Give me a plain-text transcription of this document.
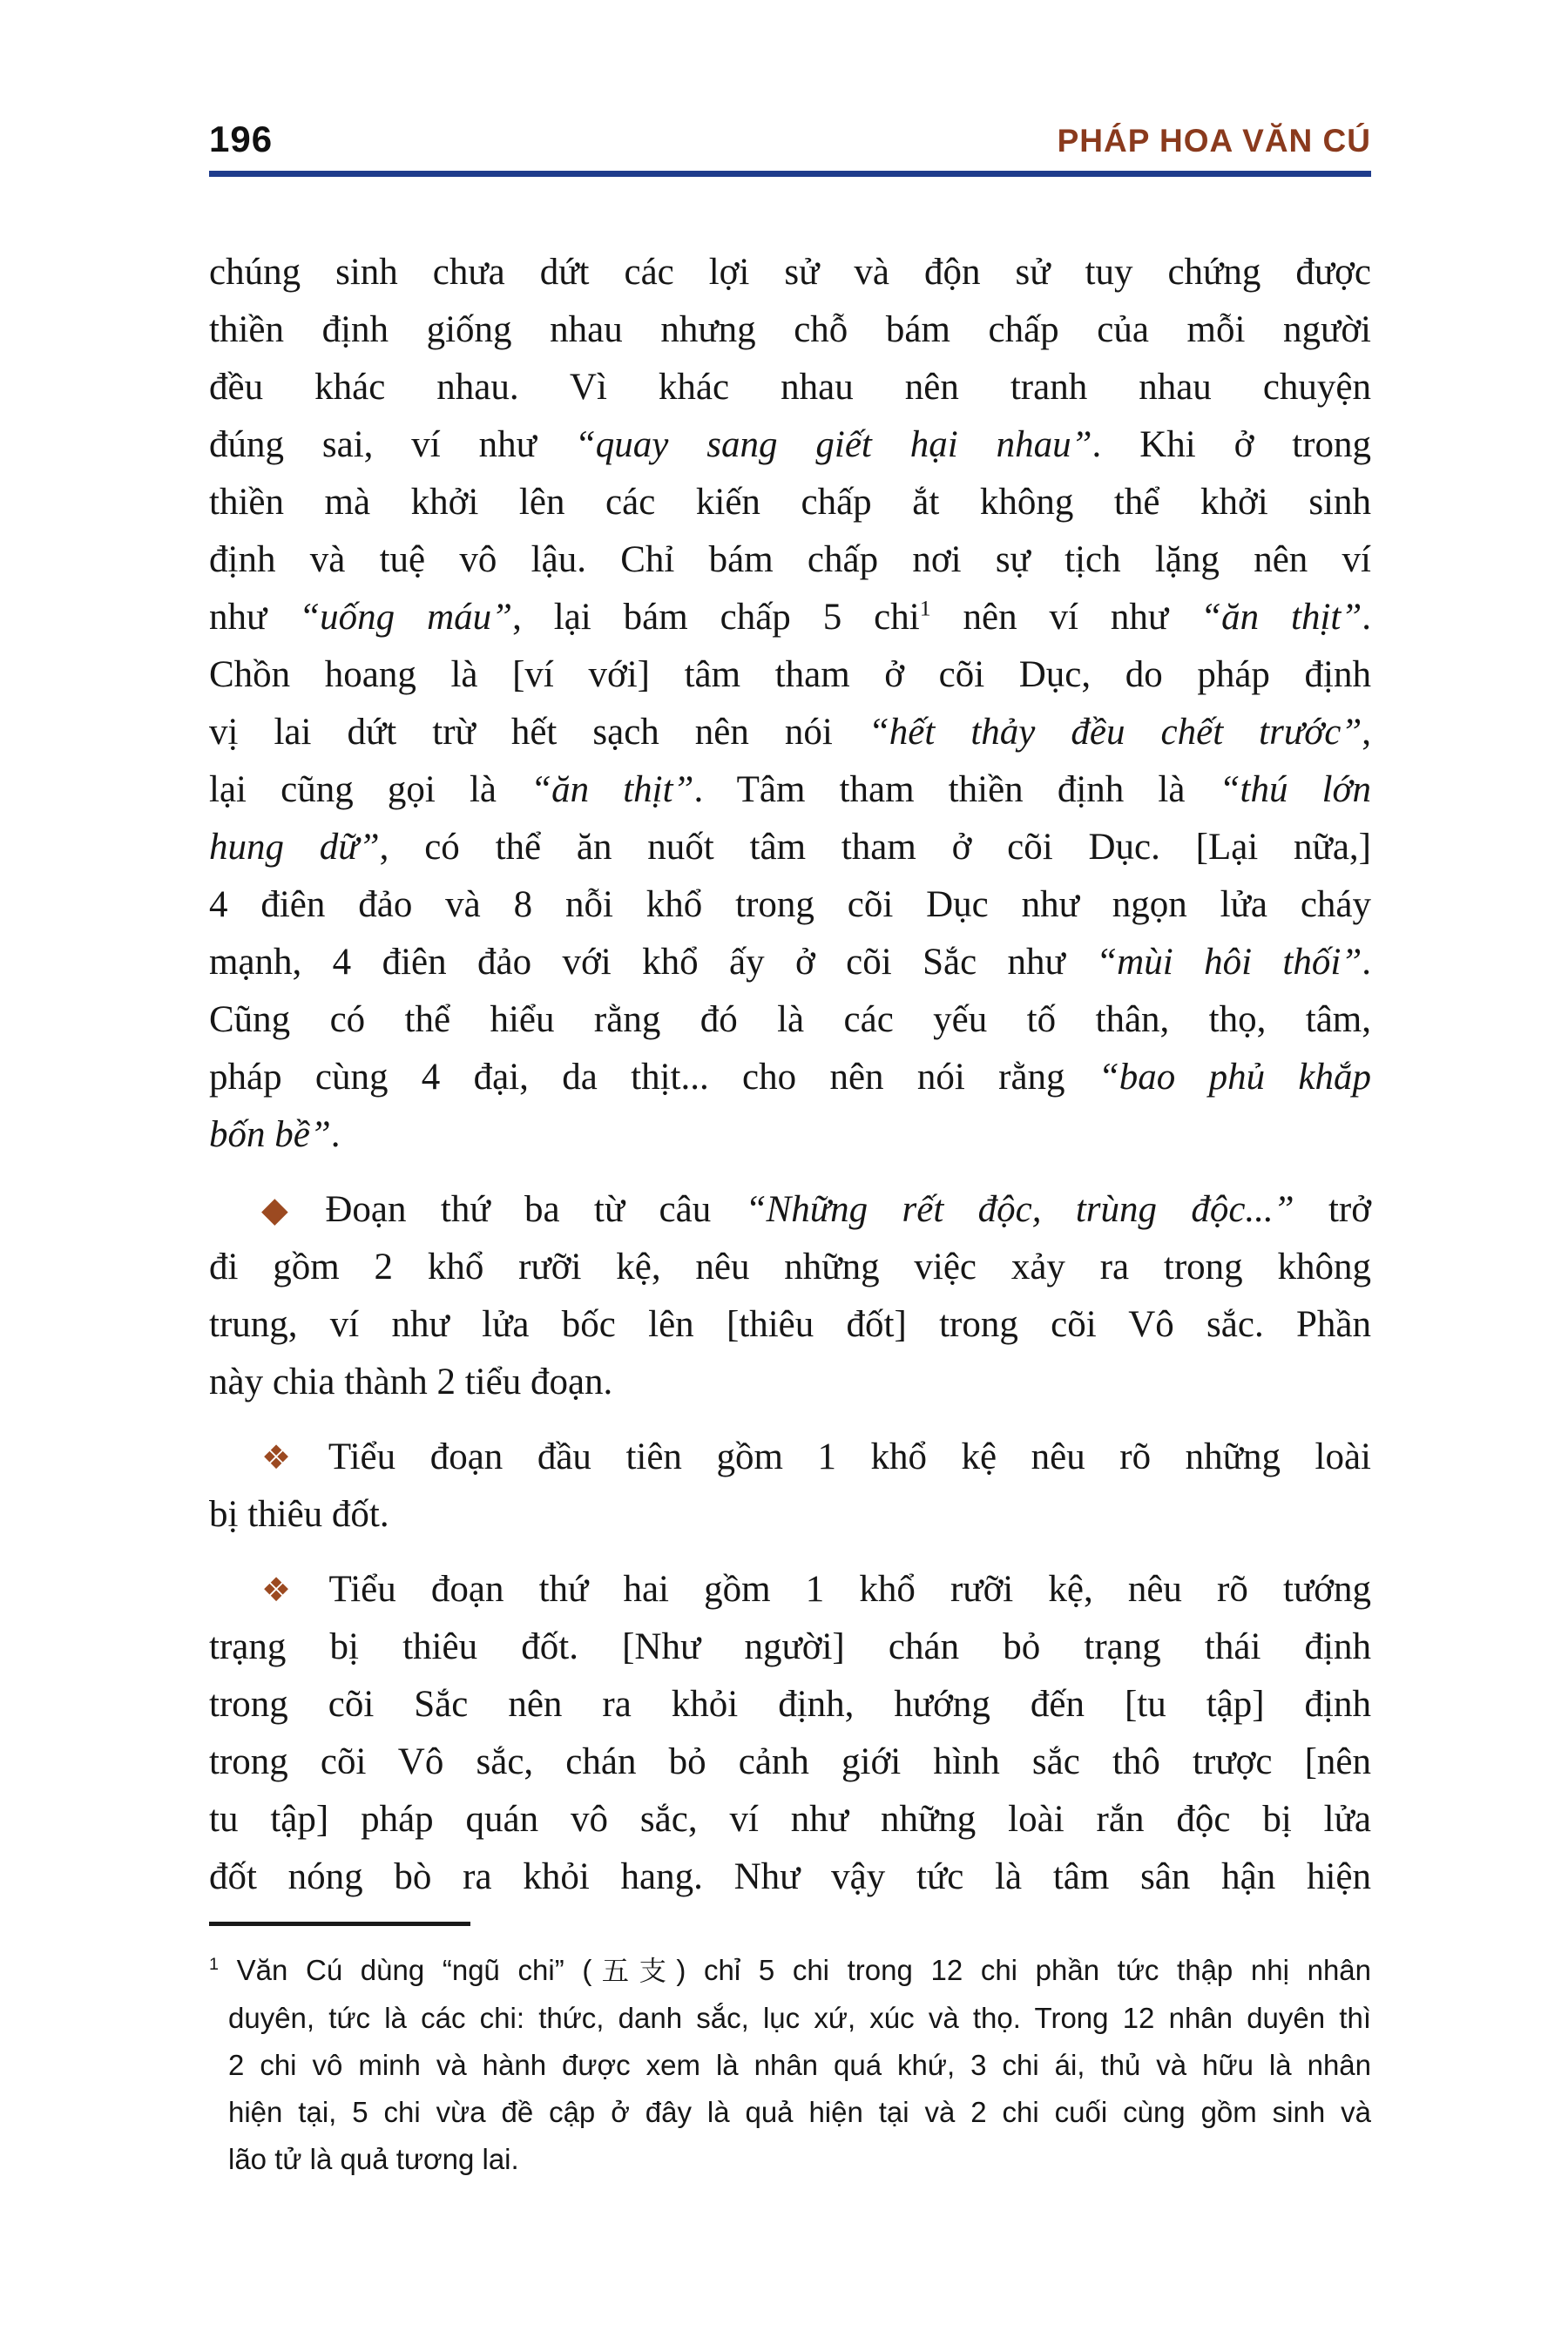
196	PHÁP HOA VĂN CÚ
chúng sinh chưa dứt các lợi sử và độn sử tuy chứng được
thiền định giống nhau nhưng chỗ bám chấp của mỗi người
đều khác nhau. Vì khác nhau nên tranh nhau chuyện
đúng sai, ví như “quay sang giết hại nhau”. Khi ở trong
thiền mà khởi lên các kiến chấp ắt không thể khởi sinh
định và tuệ vô lậu. Chỉ bám chấp nơi sự tịch lặng nên ví
như “uống máu”, lại bám chấp 5 chi$^1$ nên ví như “ăn thịt”.
Chồn hoang là [ví với] tâm tham ở cõi Dục, do pháp định
vị lai dứt trừ hết sạch nên nói “hết thảy đều chết trước”,
lại cũng gọi là “ăn thịt”. Tâm tham thiền định là “thú lớn
hung dữ”, có thể ăn nuốt tâm tham ở cõi Dục. [Lại nữa,]
4 điên đảo và 8 nỗi khổ trong cõi Dục như ngọn lửa cháy
mạnh, 4 điên đảo với khổ ấy ở cõi Sắc như “mùi hôi thối”.
Cũng có thể hiểu rằng đó là các yếu tố thân, thọ, tâm,
pháp cùng 4 đại, da thịt... cho nên nói rằng “bao phủ khắp
bốn bề”.
◆ Đoạn thứ ba từ câu “Những rết độc, trùng độc...” trở
đi gồm 2 khổ rưỡi kệ, nêu những việc xảy ra trong không
trung, ví như lửa bốc lên [thiêu đốt] trong cõi Vô sắc. Phần
này chia thành 2 tiểu đoạn.
❖ Tiểu đoạn đầu tiên gồm 1 khổ kệ nêu rõ những loài
bị thiêu đốt.
❖ Tiểu đoạn thứ hai gồm 1 khổ rưỡi kệ, nêu rõ tướng
trạng bị thiêu đốt. [Như người] chán bỏ trạng thái định
trong cõi Sắc nên ra khỏi định, hướng đến [tu tập] định
trong cõi Vô sắc, chán bỏ cảnh giới hình sắc thô trược [nên
tu tập] pháp quán vô sắc, ví như những loài rắn độc bị lửa
đốt nóng bò ra khỏi hang. Như vậy tức là tâm sân hận hiện
$^1$ Văn Cú dùng “ngũ chi” (五支) chỉ 5 chi trong 12 chi phần tức thập nhị nhân
duyên, tức là các chi: thức, danh sắc, lục xứ, xúc và thọ. Trong 12 nhân duyên thì
2 chi vô minh và hành được xem là nhân quá khứ, 3 chi ái, thủ và hữu là nhân
hiện tại, 5 chi vừa đề cập ở đây là quả hiện tại và 2 chi cuối cùng gồm sinh và
lão tử là quả tương lai.
